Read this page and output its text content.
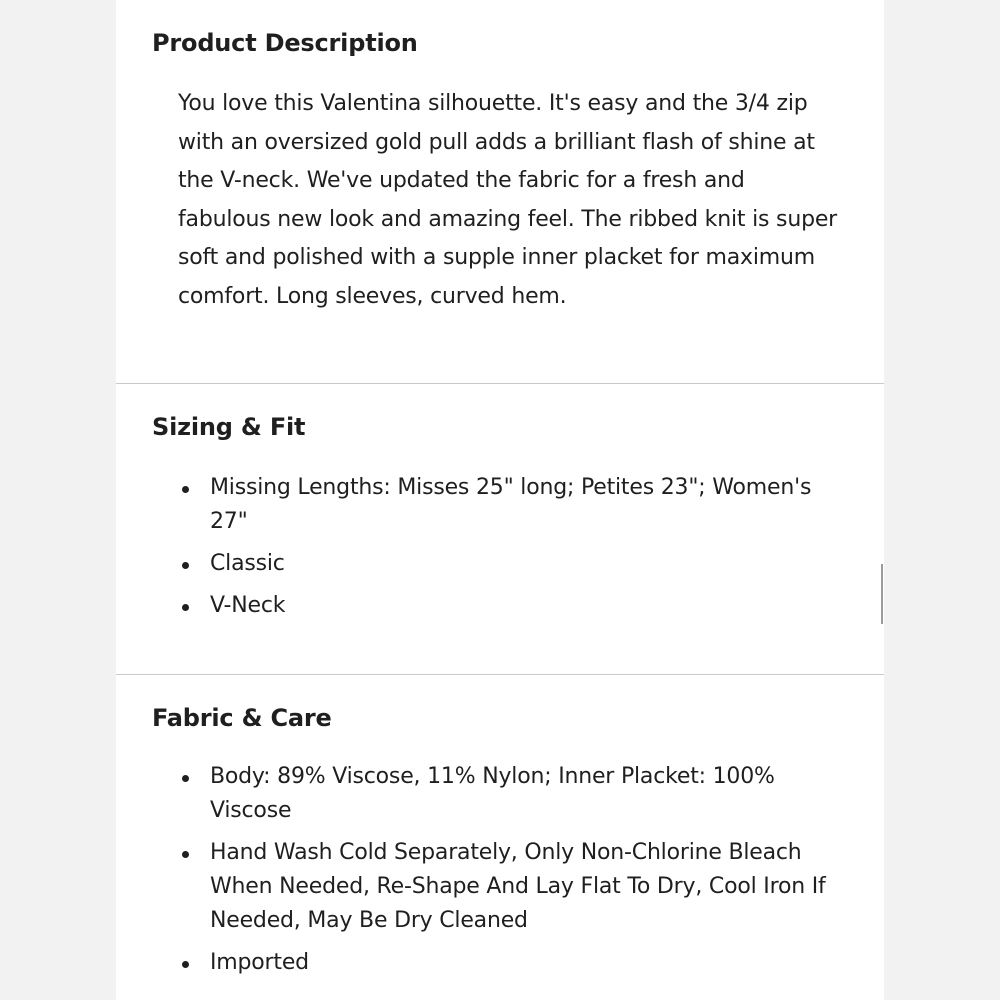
Product Description

You love this Valentina silhouette. It's easy and the 3/4 zip with an oversized gold pull adds a brilliant flash of shine at the V-neck. We've updated the fabric for a fresh and fabulous new look and amazing feel. The ribbed knit is super soft and polished with a supple inner placket for maximum comfort. Long sleeves, curved hem.

Sizing & Fit
Missing Lengths: Misses 25" long; Petites 23"; Women's 27"
Classic
V-Neck
Fabric & Care
Body: 89% Viscose, 11% Nylon; Inner Placket: 100% Viscose
Hand Wash Cold Separately, Only Non-Chlorine Bleach When Needed, Re-Shape And Lay Flat To Dry, Cool Iron If Needed, May Be Dry Cleaned
Imported
